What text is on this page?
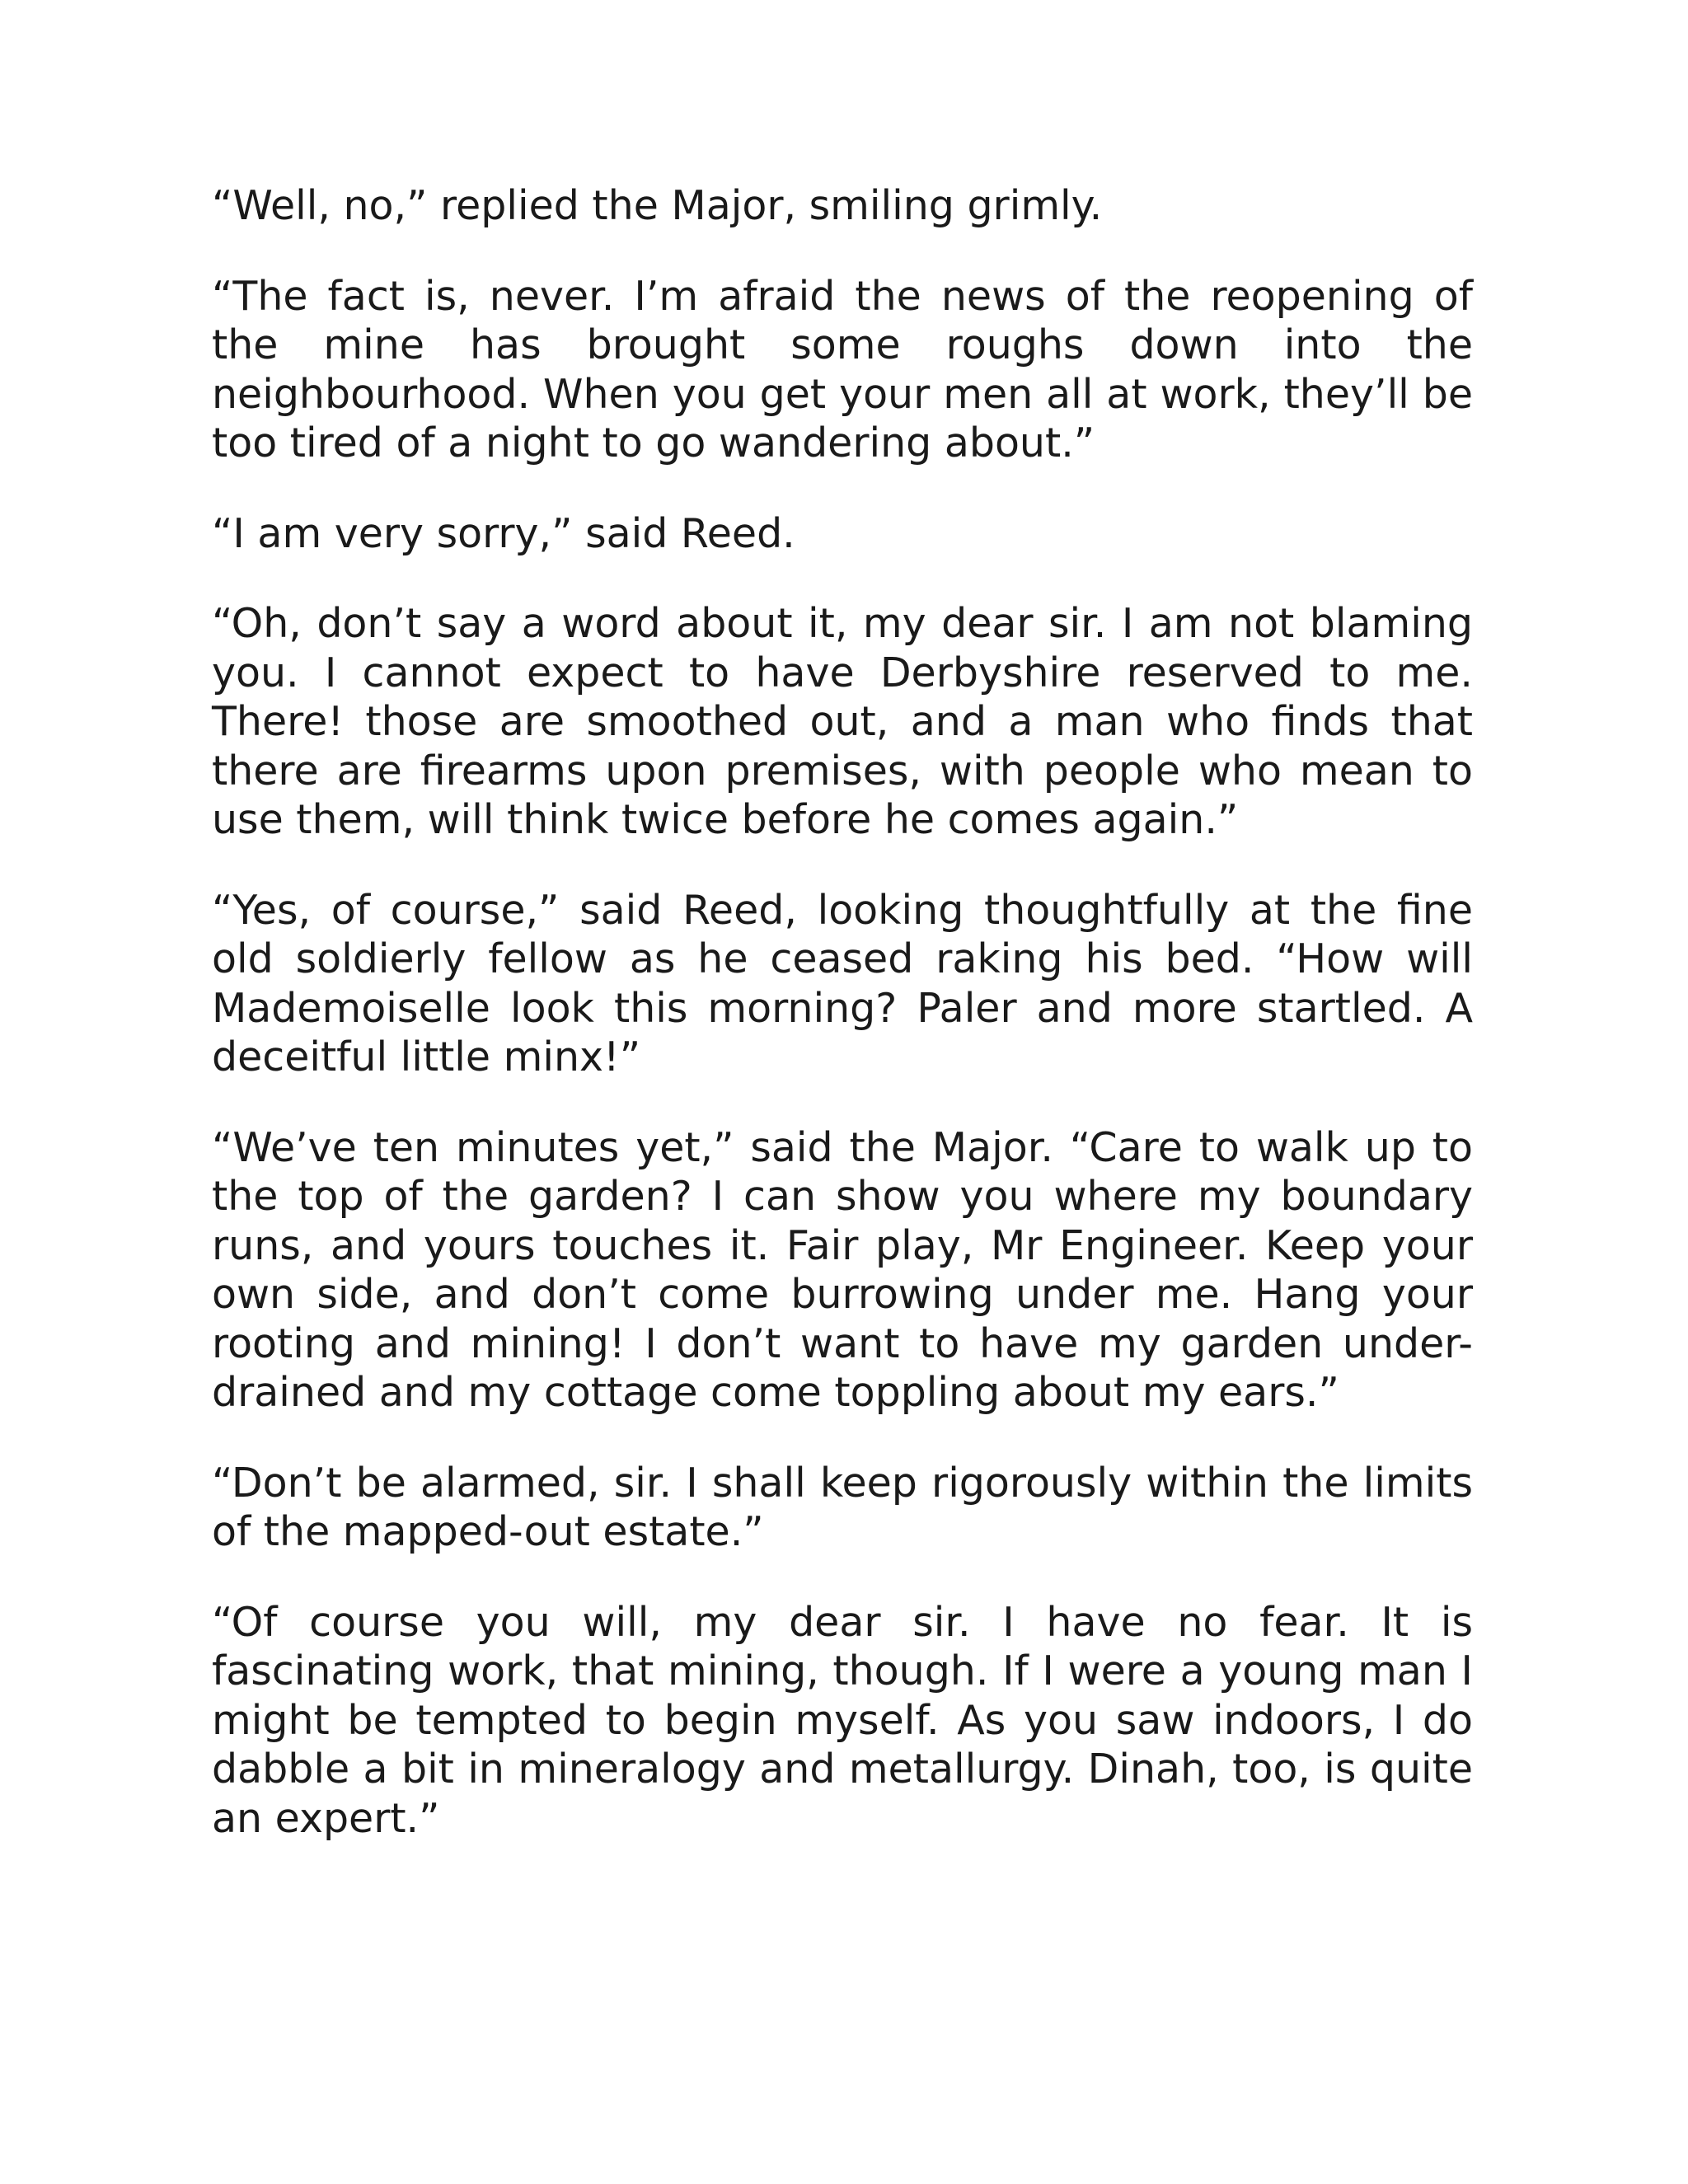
“Well, no,” replied the Major, smiling grimly.

“The fact is, never. I’m afraid the news of the reopening of the mine has brought some roughs down into the neighbourhood. When you get your men all at work, they’ll be too tired of a night to go wandering about.”

“I am very sorry,” said Reed.

“Oh, don’t say a word about it, my dear sir. I am not blaming you. I cannot expect to have Derbyshire reserved to me. There! those are smoothed out, and a man who finds that there are firearms upon premises, with people who mean to use them, will think twice before he comes again.”

“Yes, of course,” said Reed, looking thoughtfully at the fine old soldierly fellow as he ceased raking his bed. “How will Mademoiselle look this morning? Paler and more startled. A deceitful little minx!”

“We’ve ten minutes yet,” said the Major. “Care to walk up to the top of the garden? I can show you where my boundary runs, and yours touches it. Fair play, Mr Engineer. Keep your own side, and don’t come burrowing under me. Hang your rooting and mining! I don’t want to have my garden under-drained and my cottage come toppling about my ears.”

“Don’t be alarmed, sir. I shall keep rigorously within the limits of the mapped-out estate.”

“Of course you will, my dear sir. I have no fear. It is fascinating work, that mining, though. If I were a young man I might be tempted to begin myself. As you saw indoors, I do dabble a bit in mineralogy and metallurgy. Dinah, too, is quite an expert.”
